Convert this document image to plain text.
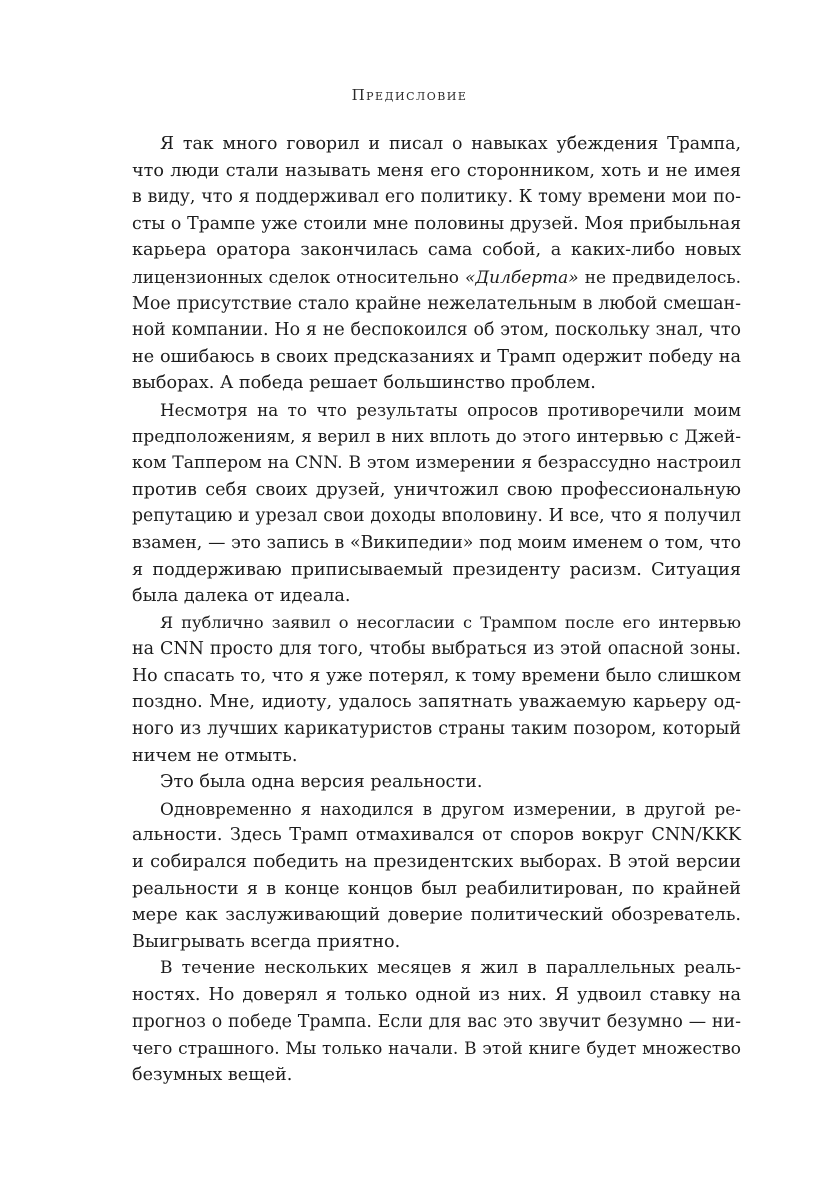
Предисловие
Я так много говорил и писал о навыках убеждения Трампа,
что люди стали называть меня его сторонником, хоть и не имея
в виду, что я поддерживал его политику. К тому времени мои по-
сты о Трампе уже стоили мне половины друзей. Моя прибыльная
карьера оратора закончилась сама собой, а каких-либо новых
лицензионных сделок относительно «Дилберта» не предвиделось.
Мое присутствие стало крайне нежелательным в любой смешан-
ной компании. Но я не беспокоился об этом, поскольку знал, что
не ошибаюсь в своих предсказаниях и Трамп одержит победу на
выборах. А победа решает большинство проблем.
Несмотря на то что результаты опросов противоречили моим
предположениям, я верил в них вплоть до этого интервью с Джей-
ком Таппером на CNN. В этом измерении я безрассудно настроил
против себя своих друзей, уничтожил свою профессиональную
репутацию и урезал свои доходы вполовину. И все, что я получил
взамен, — это запись в «Википедии» под моим именем о том, что
я поддерживаю приписываемый президенту расизм. Ситуация
была далека от идеала.
Я публично заявил о несогласии с Трампом после его интервью
на CNN просто для того, чтобы выбраться из этой опасной зоны.
Но спасать то, что я уже потерял, к тому времени было слишком
поздно. Мне, идиоту, удалось запятнать уважаемую карьеру од-
ного из лучших карикатуристов страны таким позором, который
ничем не отмыть.
Это была одна версия реальности.
Одновременно я находился в другом измерении, в другой ре-
альности. Здесь Трамп отмахивался от споров вокруг CNN/KKK
и собирался победить на президентских выборах. В этой версии
реальности я в конце концов был реабилитирован, по крайней
мере как заслуживающий доверие политический обозреватель.
Выигрывать всегда приятно.
В течение нескольких месяцев я жил в параллельных реаль-
ностях. Но доверял я только одной из них. Я удвоил ставку на
прогноз о победе Трампа. Если для вас это звучит безумно — ни-
чего страшного. Мы только начали. В этой книге будет множество
безумных вещей.
